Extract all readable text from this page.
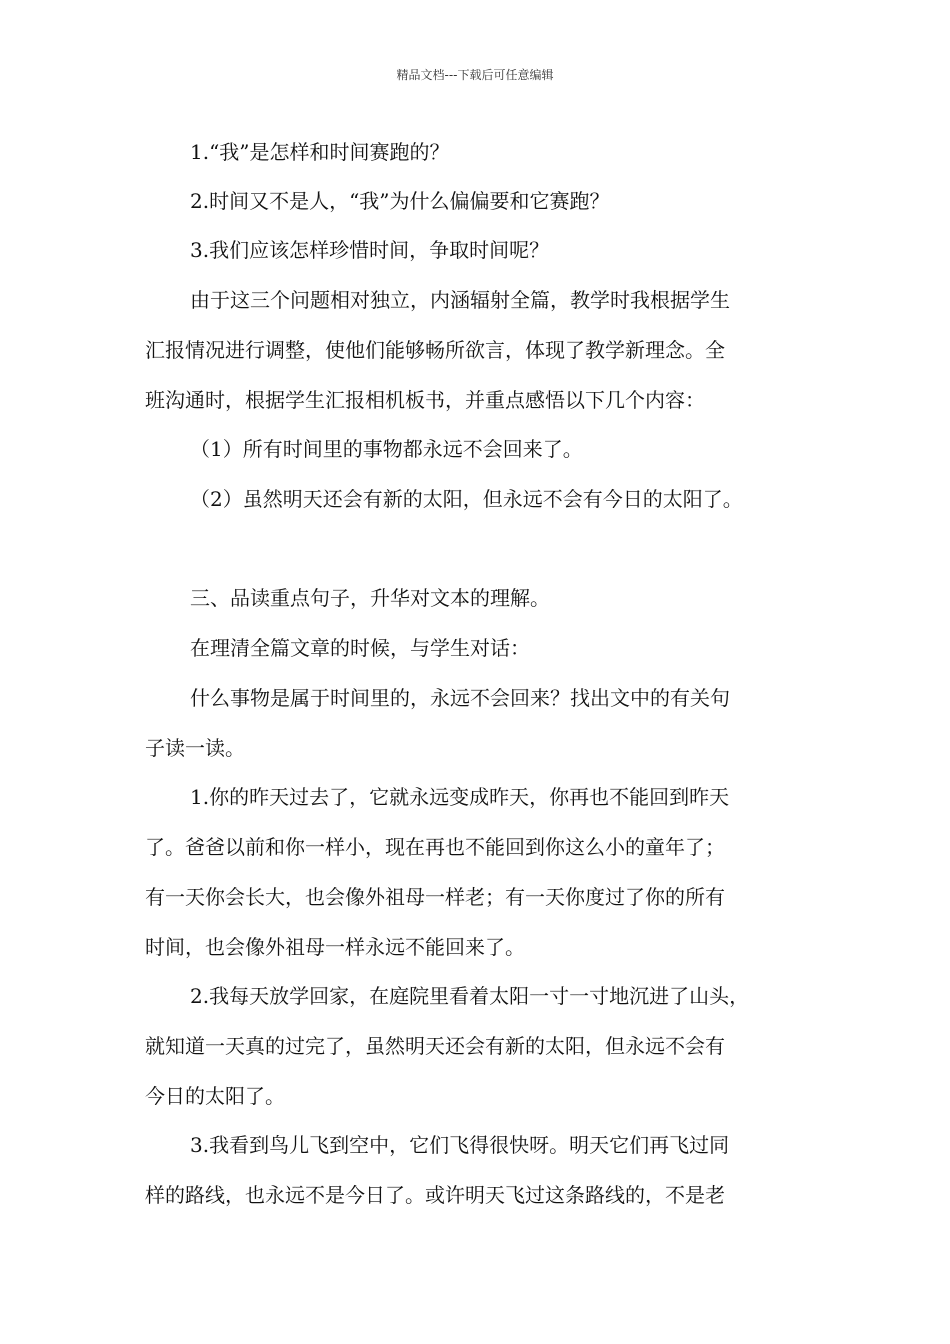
精品文档---下载后可任意编辑
1.“我”是怎样和时间赛跑的？
2.时间又不是人，“我”为什么偏偏要和它赛跑？
3.我们应该怎样珍惜时间，争取时间呢？
由于这三个问题相对独立，内涵辐射全篇，教学时我根据学生
汇报情况进行调整，使他们能够畅所欲言，体现了教学新理念。全
班沟通时，根据学生汇报相机板书，并重点感悟以下几个内容：
（1）所有时间里的事物都永远不会回来了。
（2）虽然明天还会有新的太阳，但永远不会有今日的太阳了。
三、品读重点句子，升华对文本的理解。
在理清全篇文章的时候，与学生对话：
什么事物是属于时间里的，永远不会回来？找出文中的有关句
子读一读。
1.你的昨天过去了，它就永远变成昨天，你再也不能回到昨天
了。爸爸以前和你一样小，现在再也不能回到你这么小的童年了；
有一天你会长大，也会像外祖母一样老；有一天你度过了你的所有
时间，也会像外祖母一样永远不能回来了。
2.我每天放学回家，在庭院里看着太阳一寸一寸地沉进了山头，
就知道一天真的过完了，虽然明天还会有新的太阳，但永远不会有
今日的太阳了。
3.我看到鸟儿飞到空中，它们飞得很快呀。明天它们再飞过同
样的路线，也永远不是今日了。或许明天飞过这条路线的，不是老
